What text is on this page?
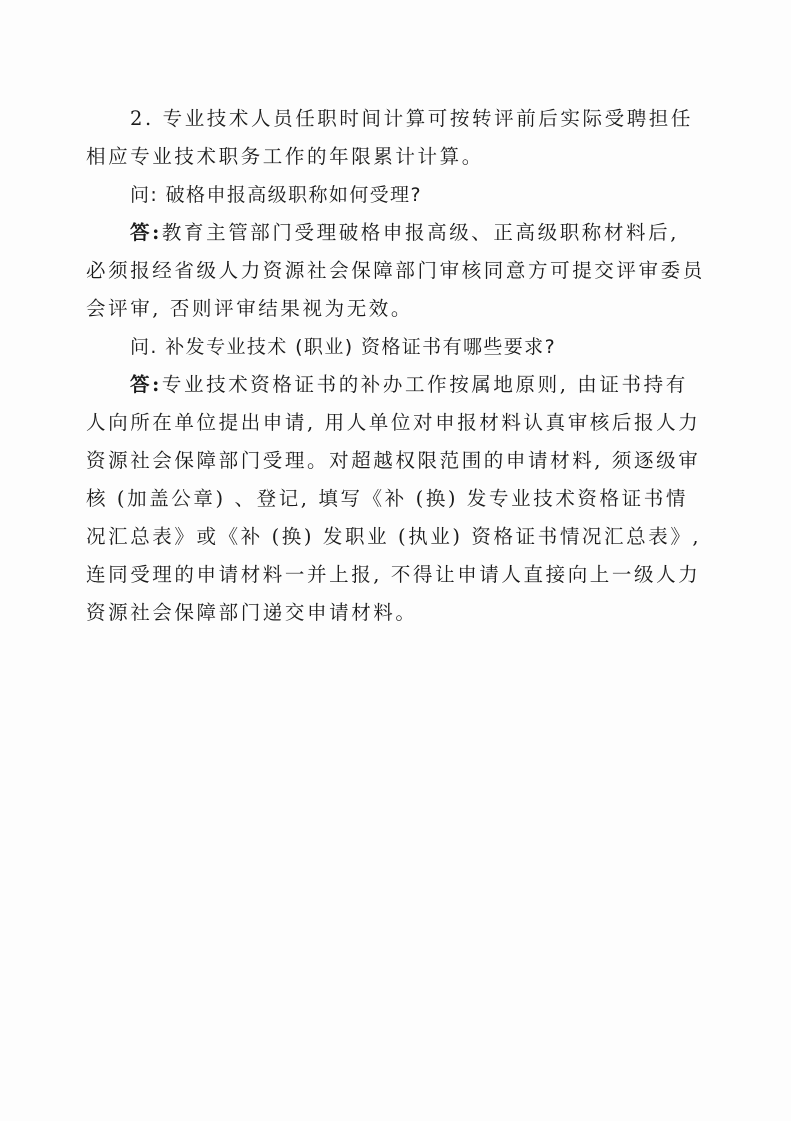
2. 专业技术人员任职时间计算可按转评前后实际受聘担任
相应专业技术职务工作的年限累计计算。
问: 破格申报高级职称如何受理?
答:教育主管部门受理破格申报高级、正高级职称材料后,
必须报经省级人力资源社会保障部门审核同意方可提交评审委员
会评审, 否则评审结果视为无效。
问. 补发专业技术 (职业) 资格证书有哪些要求?
答:专业技术资格证书的补办工作按属地原则, 由证书持有
人向所在单位提出申请, 用人单位对申报材料认真审核后报人力
资源社会保障部门受理。对超越权限范围的申请材料, 须逐级审
核 (加盖公章) 、登记, 填写《补 (换) 发专业技术资格证书情
况汇总表》或《补 (换) 发职业 (执业) 资格证书情况汇总表》,
连同受理的申请材料一并上报, 不得让申请人直接向上一级人力
资源社会保障部门递交申请材料。
